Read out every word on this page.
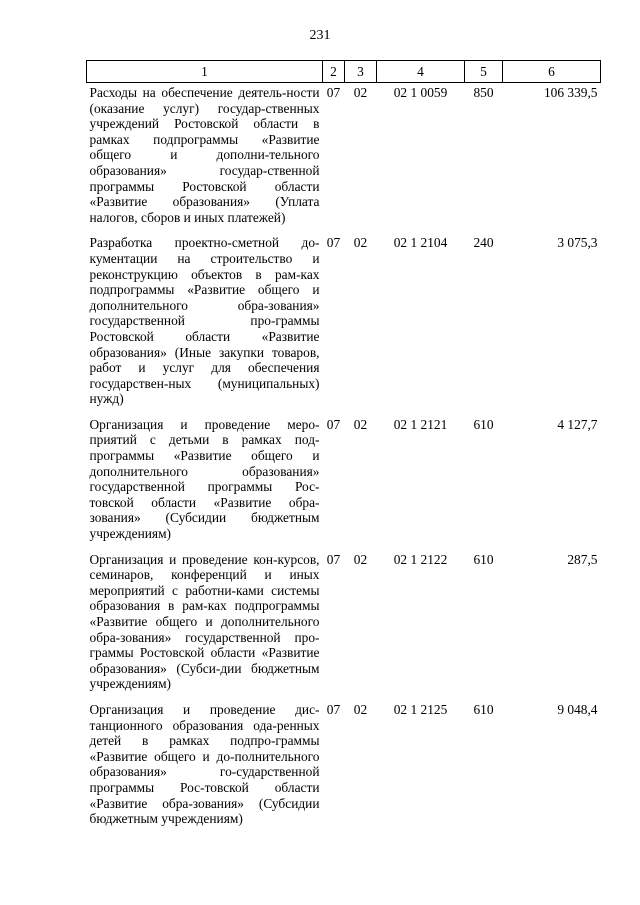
231
1	2	3	4	5	6
Расходы на обеспечение деятель-ности (оказание услуг) государ-ственных учреждений Ростовской области в рамках подпрограммы «Развитие общего и дополни-тельного образования» государ-ственной программы Ростовской области «Развитие образования» (Уплата налогов, сборов и иных платежей)	07	02	02 1 0059	850	106 339,5
Разработка проектно-сметной до-кументации на строительство и реконструкцию объектов в рам-ках подпрограммы «Развитие общего и дополнительного обра-зования» государственной про-граммы Ростовской области «Развитие образования» (Иные закупки товаров, работ и услуг для обеспечения государствен-ных (муниципальных) нужд)	07	02	02 1 2104	240	3 075,3
Организация и проведение меро-приятий с детьми в рамках под-программы «Развитие общего и дополнительного образования» государственной программы Рос-товской области «Развитие обра-зования» (Субсидии бюджетным учреждениям)	07	02	02 1 2121	610	4 127,7
Организация и проведение кон-курсов, семинаров, конференций и иных мероприятий с работни-ками системы образования в рам-ках подпрограммы «Развитие общего и дополнительного обра-зования» государственной про-граммы Ростовской области «Развитие образования» (Субси-дии бюджетным учреждениям)	07	02	02 1 2122	610	287,5
Организация и проведение дис-танционного образования ода-ренных детей в рамках подпро-граммы «Развитие общего и до-полнительного образования» го-сударственной программы Рос-товской области «Развитие обра-зования» (Субсидии бюджетным учреждениям)	07	02	02 1 2125	610	9 048,4
